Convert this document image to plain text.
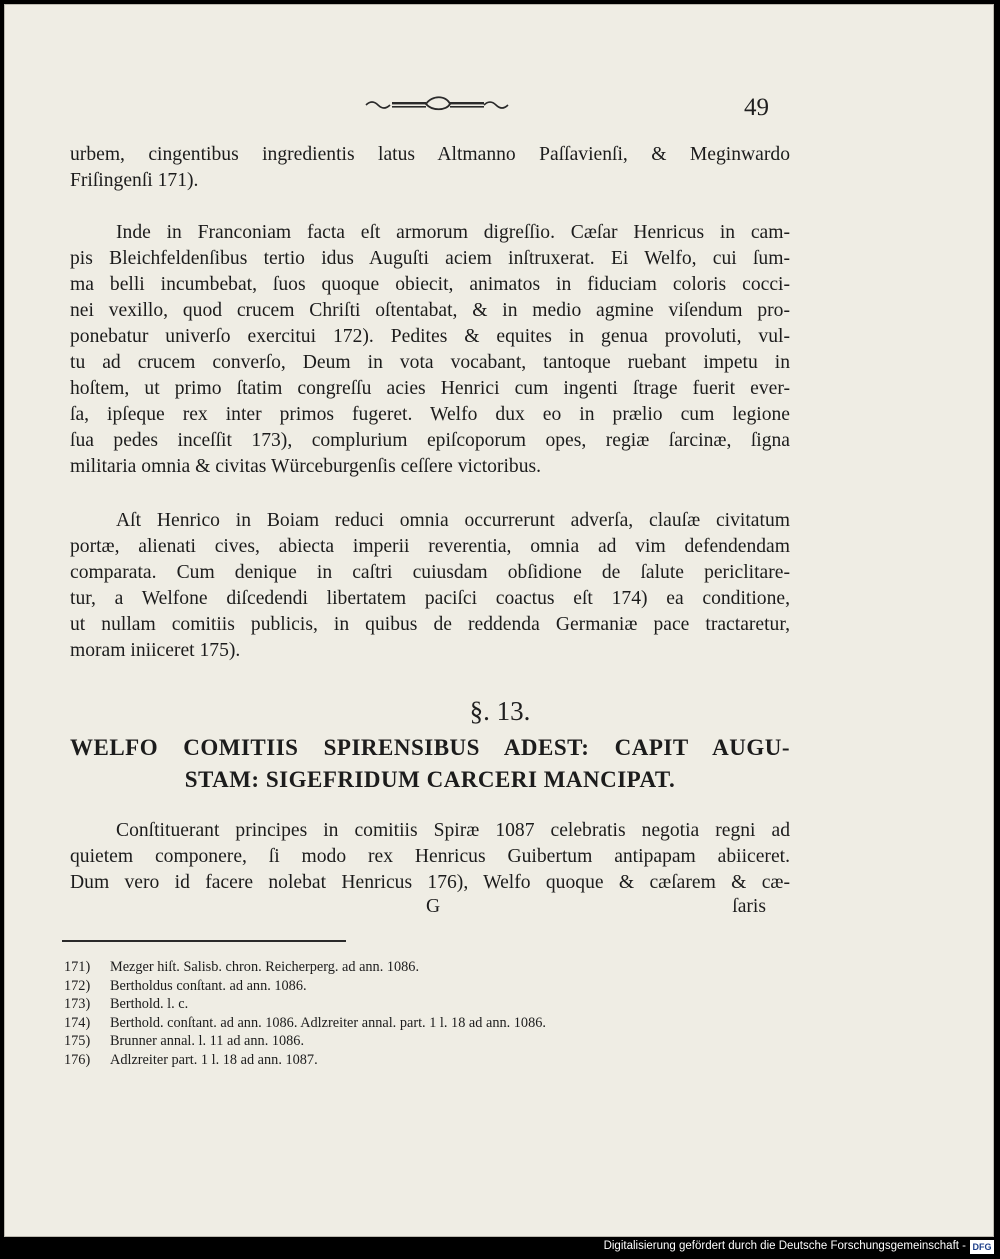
49

urbem, cingentibus ingredientis latus Altmanno Paſſavienſi, & Meginwardo
Friſingenſi 171).
Inde in Franconiam facta eſt armorum digreſſio. Cæſar Henricus in cam-
pis Bleichfeldenſibus tertio idus Auguſti aciem inſtruxerat. Ei Welfo, cui ſum-
ma belli incumbebat, ſuos quoque obiecit, animatos in fiduciam coloris cocci-
nei vexillo, quod crucem Chriſti oſtentabat, & in medio agmine viſendum pro-
ponebatur univerſo exercitui 172). Pedites & equites in genua provoluti, vul-
tu ad crucem converſo, Deum in vota vocabant, tantoque ruebant impetu in
hoſtem, ut primo ſtatim congreſſu acies Henrici cum ingenti ſtrage fuerit ever-
ſa, ipſeque rex inter primos fugeret. Welfo dux eo in prælio cum legione
ſua pedes inceſſit 173), complurium epiſcoporum opes, regiæ ſarcinæ, ſigna
militaria omnia & civitas Würceburgenſis ceſſere victoribus.
Aſt Henrico in Boiam reduci omnia occurrerunt adverſa, clauſæ civitatum
portæ, alienati cives, abiecta imperii reverentia, omnia ad vim defendendam
comparata. Cum denique in caſtri cuiusdam obſidione de ſalute periclitare-
tur, a Welfone diſcedendi libertatem paciſci coactus eſt 174) ea conditione,
ut nullam comitiis publicis, in quibus de reddenda Germaniæ pace tractaretur,
moram iniiceret 175).

§. 13.

WELFO COMITIIS SPIRENSIBUS ADEST: CAPIT AUGU-
STAM: SIGEFRIDUM CARCERI MANCIPAT.
Conſtituerant principes in comitiis Spiræ 1087 celebratis negotia regni ad
quietem componere, ſi modo rex Henricus Guibertum antipapam abiiceret.
Dum vero id facere nolebat Henricus 176), Welfo quoque & cæſarem & cæ-
G	ſaris
171) Mezger hiſt. Salisb. chron. Reicherperg. ad ann. 1086.
172) Bertholdus conſtant. ad ann. 1086.
173) Berthold. l. c.
174) Berthold. conſtant. ad ann. 1086. Adlzreiter annal. part. 1 l. 18 ad ann. 1086.
175) Brunner annal. l. 11 ad ann. 1086.
176) Adlzreiter part. 1 l. 18 ad ann. 1087.

Digitalisierung gefördert durch die Deutsche Forschungsgemeinschaft - DFG
